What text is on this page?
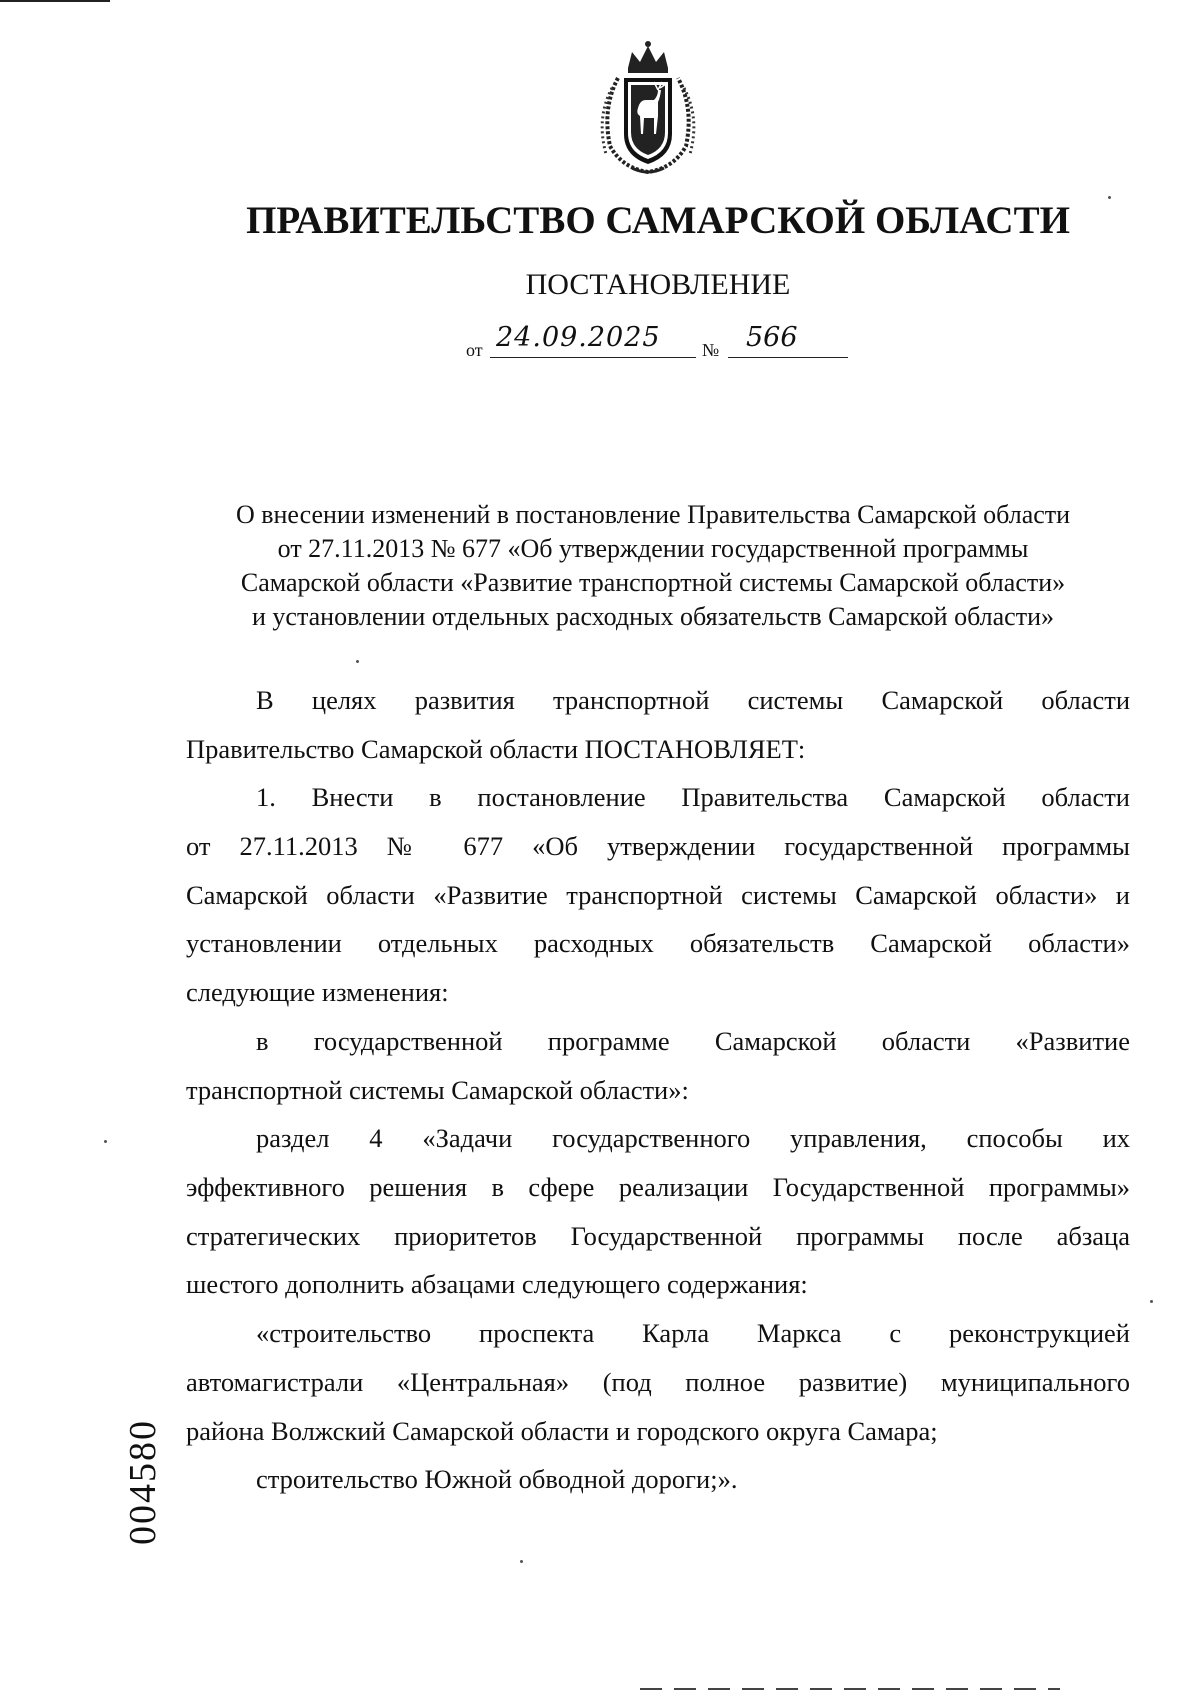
ПРАВИТЕЛЬСТВО САМАРСКОЙ ОБЛАСТИ
ПОСТАНОВЛЕНИЕ
от 24.09.2025	№ 566
О внесении изменений в постановление Правительства Самарской области
от 27.11.2013 № 677 «Об утверждении государственной программы
Самарской области «Развитие транспортной системы Самарской области»
и установлении отдельных расходных обязательств Самарской области»
В целях развития транспортной системы Самарской области
Правительство Самарской области ПОСТАНОВЛЯЕТ:
1. Внести в постановление Правительства Самарской области
от 27.11.2013 № 677 «Об утверждении государственной программы
Самарской области «Развитие транспортной системы Самарской области» и
установлении отдельных расходных обязательств Самарской области»
следующие изменения:
в государственной программе Самарской области «Развитие
транспортной системы Самарской области»:
раздел 4 «Задачи государственного управления, способы их
эффективного решения в сфере реализации Государственной программы»
стратегических приоритетов Государственной программы после абзаца
шестого дополнить абзацами следующего содержания:
«строительство проспекта Карла Маркса с реконструкцией
автомагистрали «Центральная» (под полное развитие) муниципального
района Волжский Самарской области и городского округа Самара;
строительство Южной обводной дороги;».
004580
